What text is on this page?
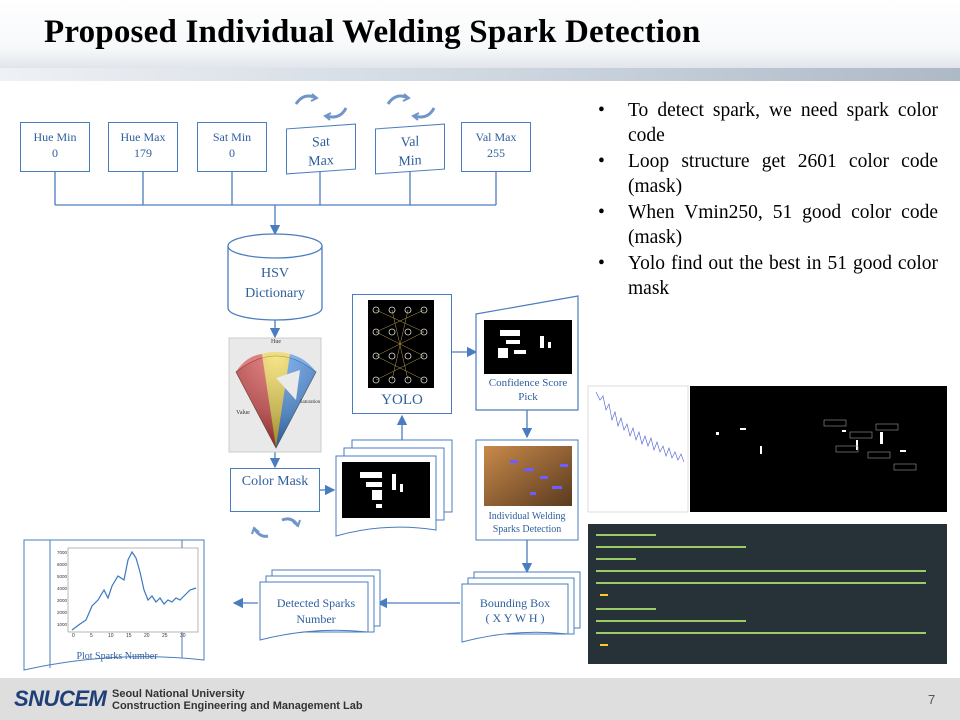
Proposed Individual Welding Spark Detection
Hue Min
0
Hue Max
179
Sat Min
0
Sat
Max
Val
Min
Val Max
255
HSV Dictionary
Hue
Value
Saturation
Color Mask
YOLO
Confidence Score Pick
Individual Welding Sparks Detection
Bounding Box
( X Y W H )
Detected Sparks Number
7000
6000
5000
4000
3000
2000
1000
0	5	10 15 20 25 30
Plot Sparks Number
• To detect spark, we need spark color code
• Loop structure get 2601 color code (mask)
• When Vmin250, 51 good color code (mask)
• Yolo find out the best in 51 good color mask
SNUCEM Seoul National University
Construction Engineering and Management Lab	7
